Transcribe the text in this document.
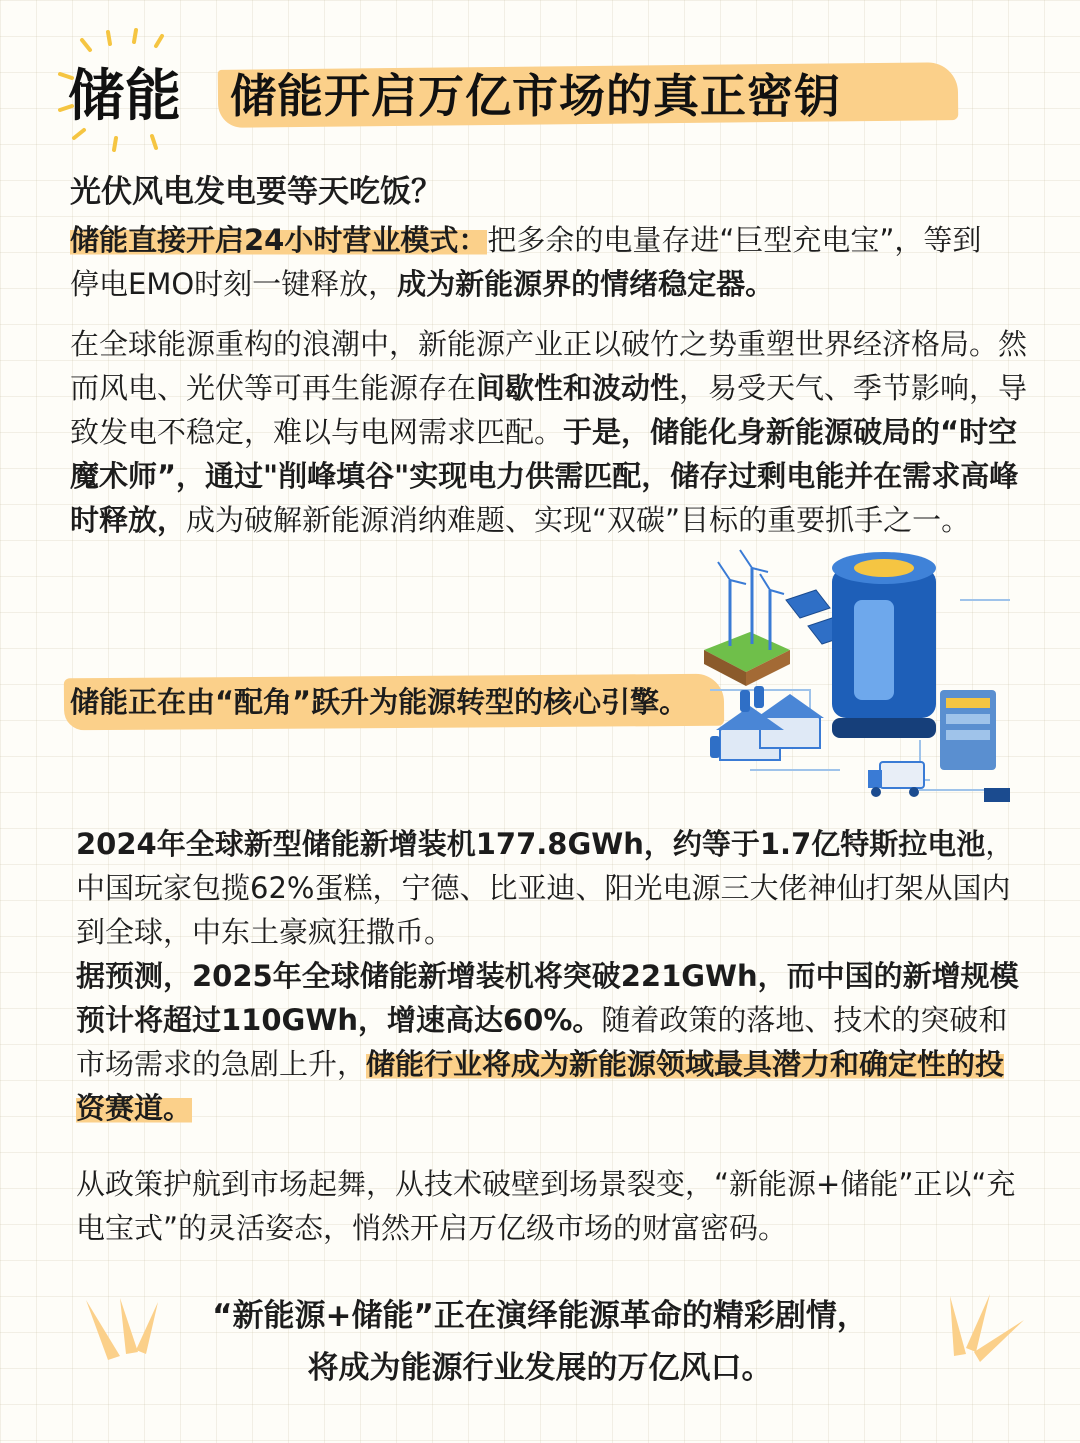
储能 储能开启万亿市场的真正密钥
光伏风电发电要等天吃饭？
储能直接开启24小时营业模式：把多余的电量存进“巨型充电宝”，等到停电EMO时刻一键释放，成为新能源界的情绪稳定器。
在全球能源重构的浪潮中，新能源产业正以破竹之势重塑世界经济格局。然而风电、光伏等可再生能源存在间歇性和波动性，易受天气、季节影响，导致发电不稳定，难以与电网需求匹配。于是，储能化身新能源破局的“时空魔术师”，通过"削峰填谷"实现电力供需匹配，储存过剩电能并在需求高峰时释放，成为破解新能源消纳难题、实现“双碳”目标的重要抓手之一。
储能正在由“配角”跃升为能源转型的核心引擎。
2024年全球新型储能新增装机177.8GWh，约等于1.7亿特斯拉电池，中国玩家包揽62%蛋糕，宁德、比亚迪、阳光电源三大佬神仙打架从国内到全球，中东土豪疯狂撒币。
据预测，2025年全球储能新增装机将突破221GWh，而中国的新增规模预计将超过110GWh，增速高达60%。随着政策的落地、技术的突破和市场需求的急剧上升，储能行业将成为新能源领域最具潜力和确定性的投资赛道。
从政策护航到市场起舞，从技术破壁到场景裂变，“新能源+储能”正以“充电宝式”的灵活姿态，悄然开启万亿级市场的财富密码。
“新能源+储能”正在演绎能源革命的精彩剧情，
将成为能源行业发展的万亿风口。
